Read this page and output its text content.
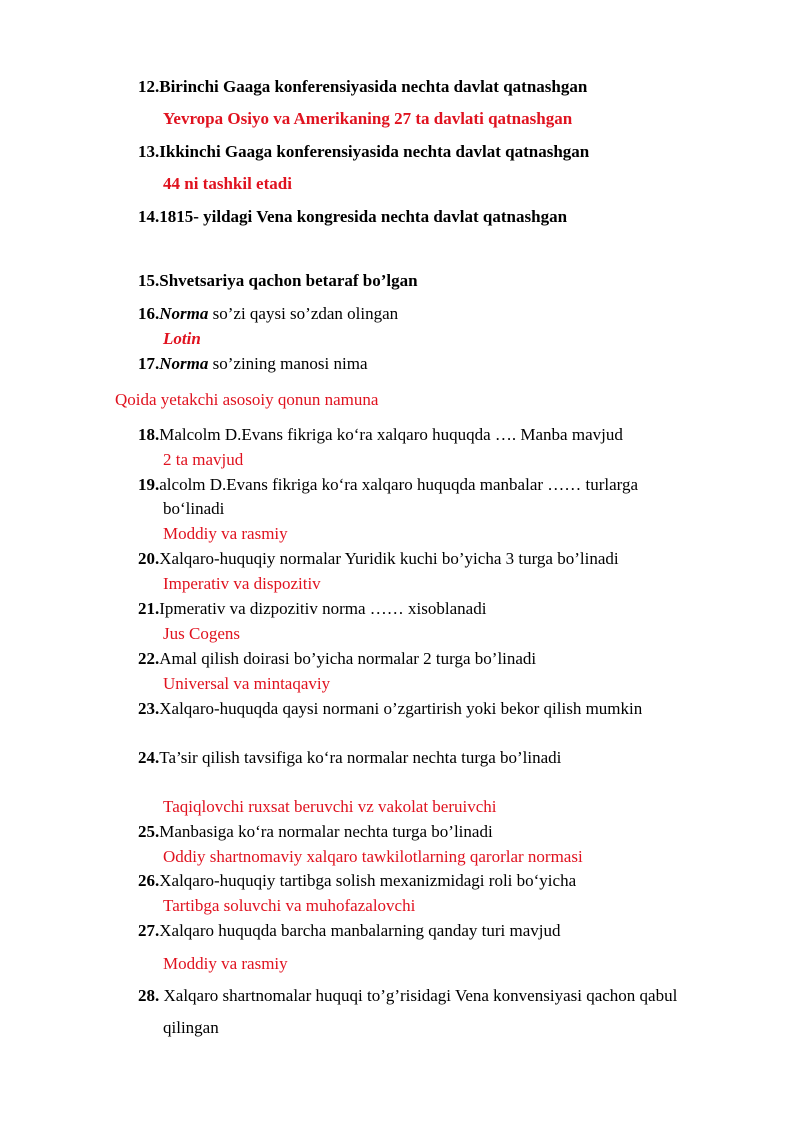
12.Birinchi Gaaga konferensiyasida nechta davlat qatnashgan
Yevropa Osiyo va Amerikaning 27 ta davlati qatnashgan
13.Ikkinchi Gaaga konferensiyasida nechta davlat qatnashgan
44 ni tashkil etadi
14.1815- yildagi Vena kongresida nechta davlat qatnashgan
15.Shvetsariya qachon betaraf bo’lgan
16.Norma so’zi qaysi so’zdan olingan
Lotin
17.Norma so’zining manosi nima
Qoida yetakchi asosoiy qonun namuna
18.Malcolm D.Evans fikriga ko‘ra xalqaro huquqda …. Manba mavjud
2 ta mavjud
19.alcolm D.Evans fikriga ko‘ra xalqaro huquqda manbalar …… turlarga
bo‘linadi
Moddiy va rasmiy
20.Xalqaro-huquqiy normalar Yuridik kuchi bo’yicha 3 turga bo’linadi
Imperativ va dispozitiv
21.Ipmerativ va dizpozitiv norma …… xisoblanadi
Jus Cogens
22.Amal qilish doirasi bo’yicha normalar 2 turga bo’linadi
Universal va mintaqaviy
23.Xalqaro-huquqda qaysi normani o’zgartirish yoki bekor qilish mumkin
24.Ta’sir qilish tavsifiga ko‘ra normalar nechta turga bo’linadi
Taqiqlovchi ruxsat beruvchi vz vakolat beruivchi
25.Manbasiga ko‘ra normalar nechta turga bo’linadi
Oddiy shartnomaviy xalqaro tawkilotlarning qarorlar normasi
26.Xalqaro-huquqiy tartibga solish mexanizmidagi roli bo‘yicha
Tartibga soluvchi va muhofazalovchi
27.Xalqaro huquqda barcha manbalarning qanday turi mavjud
Moddiy va rasmiy
28. Xalqaro shartnomalar huquqi to’g’risidagi Vena konvensiyasi qachon qabul
qilingan
